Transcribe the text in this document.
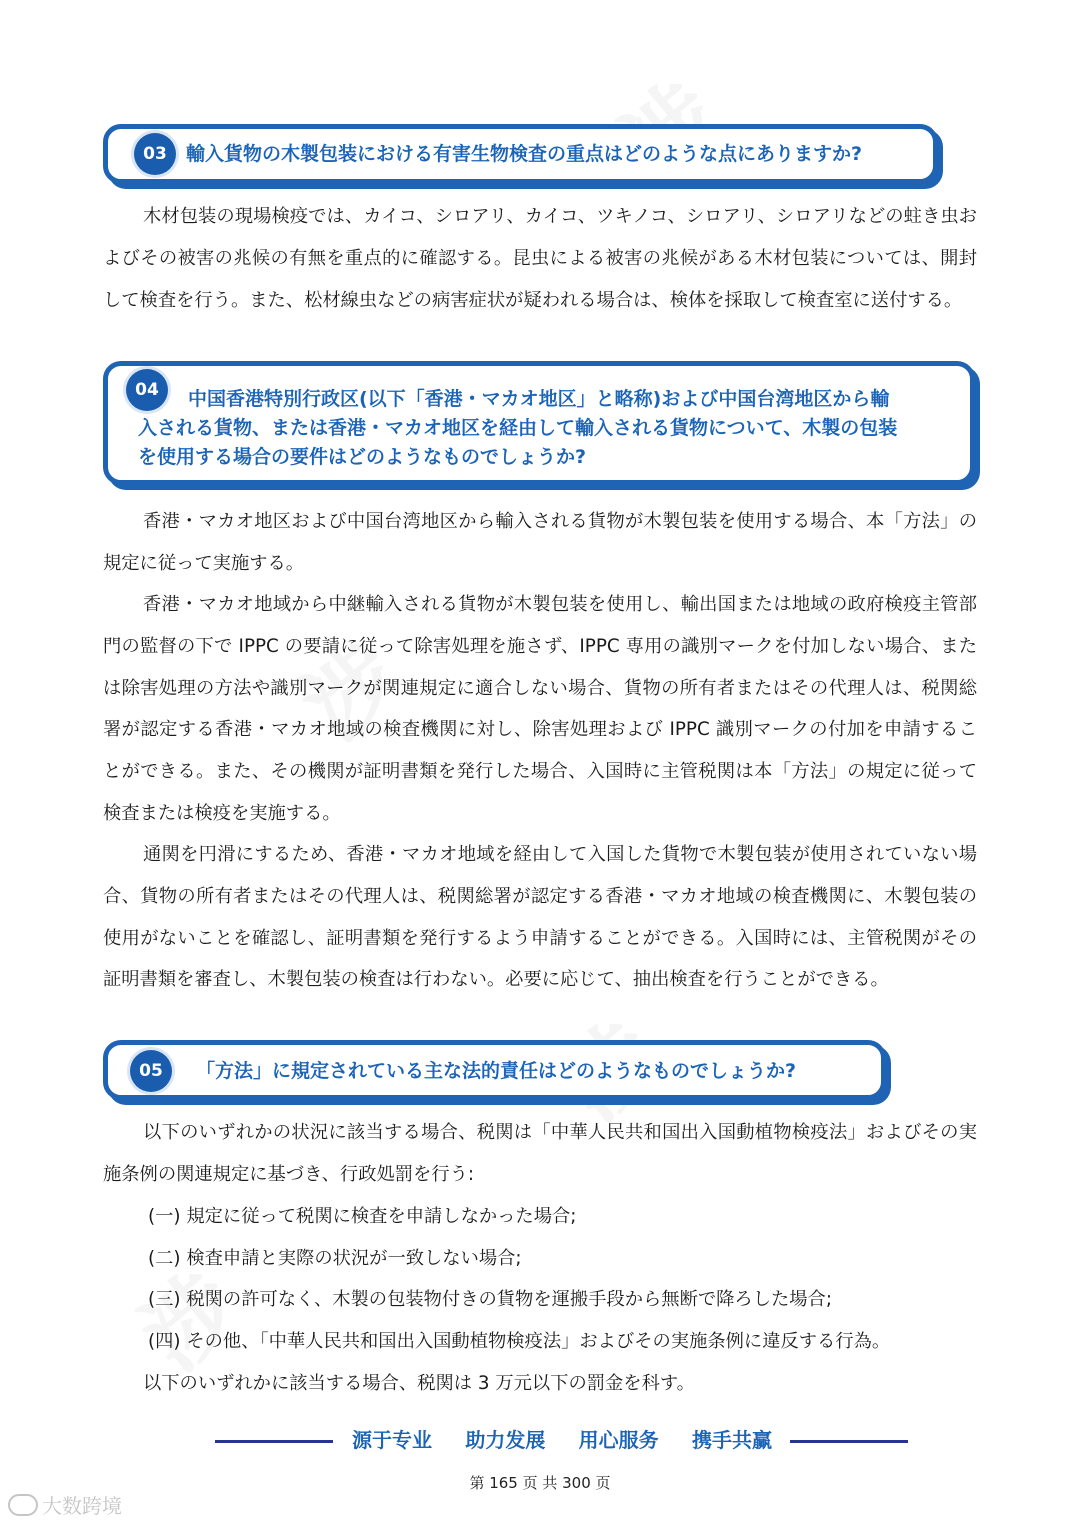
涉
涉
03	輸入貨物の木製包装における有害生物検査の重点はどのような点にありますか?

木材包装の現場検疫では、カイコ、シロアリ、カイコ、ツキノコ、シロアリ、シロアリなどの蛀き虫およびその被害の兆候の有無を重点的に確認する。昆虫による被害の兆候がある木材包装については、開封して検査を行う。また、松材線虫などの病害症状が疑われる場合は、検体を採取して検査室に送付する。

04	中国香港特別行政区(以下「香港・マカオ地区」と略称)および中国台湾地区から輸
入される貨物、または香港・マカオ地区を経由して輸入される貨物について、木製の包装
を使用する場合の要件はどのようなものでしょうか?

香港・マカオ地区および中国台湾地区から輸入される貨物が木製包装を使用する場合、本「方法」の規定に従って実施する。

香港・マカオ地域から中継輸入される貨物が木製包装を使用し、輸出国または地域の政府検疫主管部門の監督の下で IPPC の要請に従って除害処理を施さず、IPPC 専用の識別マークを付加しない場合、または除害処理の方法や識別マークが関連規定に適合しない場合、貨物の所有者またはその代理人は、税関総署が認定する香港・マカオ地域の検査機関に対し、除害処理および IPPC 識別マークの付加を申請することができる。また、その機関が証明書類を発行した場合、入国時に主管税関は本「方法」の規定に従って検査または検疫を実施する。

通関を円滑にするため、香港・マカオ地域を経由して入国した貨物で木製包装が使用されていない場合、貨物の所有者またはその代理人は、税関総署が認定する香港・マカオ地域の検査機関に、木製包装の使用がないことを確認し、証明書類を発行するよう申請することができる。入国時には、主管税関がその証明書類を審査し、木製包装の検査は行わない。必要に応じて、抽出検査を行うことができる。

05	「方法」に規定されている主な法的責任はどのようなものでしょうか?

以下のいずれかの状況に該当する場合、税関は「中華人民共和国出入国動植物検疫法」およびその実施条例の関連規定に基づき、行政処罰を行う:

(一) 規定に従って税関に検査を申請しなかった場合;

(二) 検査申請と実際の状況が一致しない場合;

(三) 税関の許可なく、木製の包装物付きの貨物を運搬手段から無断で降ろした場合;

(四) その他、「中華人民共和国出入国動植物検疫法」およびその実施条例に違反する行為。

以下のいずれかに該当する場合、税関は 3 万元以下の罰金を科す。

源于专业 助力发展 用心服务 携手共赢
第 165 页 共 300 页
大数跨境
